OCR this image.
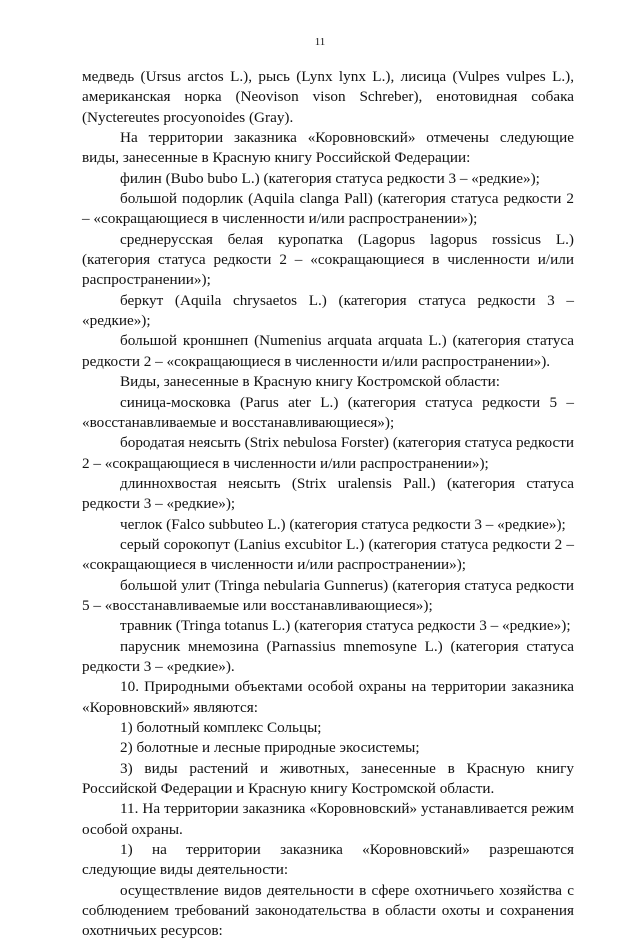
11

медведь (Ursus arctos L.), рысь (Lynx lynx L.), лисица (Vulpes vulpes L.), американская норка (Neovison vison Schreber), енотовидная собака (Nyctereutes procyonoides (Gray).

На территории заказника «Коровновский» отмечены следующие виды, занесенные в Красную книгу Российской Федерации:

филин (Bubo bubo L.) (категория статуса редкости 3 – «редкие»);

большой подорлик (Aquila clanga Pall) (категория статуса редкости 2 – «сокращающиеся в численности и/или распространении»);

среднерусская белая куропатка (Lagopus lagopus rossicus L.) (категория статуса редкости 2 – «сокращающиеся в численности и/или распространении»);

беркут (Aquila chrysaetos L.) (категория статуса редкости 3 – «редкие»);

большой кроншнеп (Numenius arquata arquata L.) (категория статуса редкости 2 – «сокращающиеся в численности и/или распространении»).

Виды, занесенные в Красную книгу Костромской области:

синица-московка (Parus ater L.) (категория статуса редкости 5 – «восстанавливаемые и восстанавливающиеся»);

бородатая неясыть (Strix nebulosa Forster) (категория статуса редкости 2 – «сокращающиеся в численности и/или распространении»);

длиннохвостая неясыть (Strix uralensis Pall.) (категория статуса редкости 3 – «редкие»);

чеглок (Falco subbuteo L.) (категория статуса редкости 3 – «редкие»);

серый сорокопут (Lanius excubitor L.) (категория статуса редкости 2 – «сокращающиеся в численности и/или распространении»);

большой улит (Tringa nebularia Gunnerus) (категория статуса редкости 5 – «восстанавливаемые или восстанавливающиеся»);

травник (Tringa totanus L.) (категория статуса редкости 3 – «редкие»);

парусник мнемозина (Parnassius mnemosyne L.) (категория статуса редкости 3 – «редкие»).

10. Природными объектами особой охраны на территории заказника «Коровновский» являются:

1) болотный комплекс Сольцы;

2) болотные и лесные природные экосистемы;

3) виды растений и животных, занесенные в Красную книгу Российской Федерации и Красную книгу Костромской области.

11. На территории заказника «Коровновский» устанавливается режим особой охраны.

1) на территории заказника «Коровновский» разрешаются следующие виды деятельности:

осуществление видов деятельности в сфере охотничьего хозяйства с соблюдением требований законодательства в области охоты и сохранения охотничьих ресурсов:
